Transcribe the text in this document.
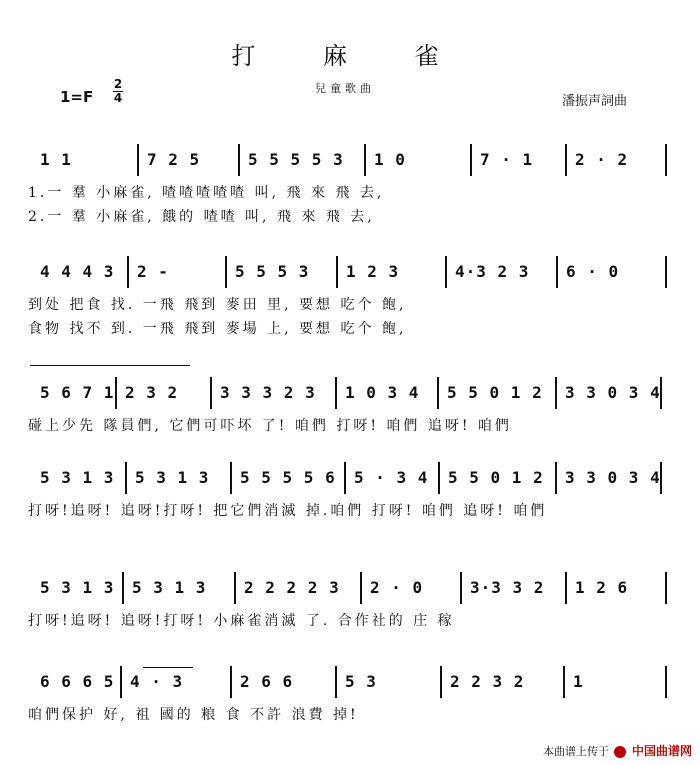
打 麻 雀
兒童歌曲
潘振声詞曲
1=F
2
4
1 1	7 2 5	5 5 5 5 3 1 0	7 · 1	2 · 2
1.一 羣 小麻雀, 喳喳喳喳喳 叫, 飛 來 飛 去,
2.一 羣 小麻雀, 餓的 喳喳 叫, 飛 來 飛 去,
4 4 4 3 2 -	5 5 5 3 1 2 3	4·3 2 3 6 · 0
到处 把食 找. 一飛 飛到 麥田 里, 要想 吃个 飽,
食物 找不 到. 一飛 飛到 麥場 上, 要想 吃个 飽,
5 6 7 1 2 3 2	3 3 3 2 3 1 0 3 4 5 5 0 1 2 3 3 0 3 4
碰上少先 隊員們, 它們可吓坏 了! 咱們 打呀! 咱們 追呀! 咱們
5 3 1 3 5 3 1 3 5 5 5 5 6 5 · 3 4 5 5 0 1 2 3 3 0 3 4
打呀!追呀! 追呀!打呀! 把它們消滅 掉.咱們 打呀! 咱們 追呀! 咱們
5 3 1 3 5 3 1 3 2 2 2 2 3 2 · 0	3·3 3 2 1 2 6
打呀!追呀! 追呀!打呀! 小麻雀消滅 了. 合作社的 庄 稼
6 6 6 5 4 · 3	2 6 6	5 3	2 2 3 2	1
咱們保护 好, 祖 國的 粮 食 不許 浪費 掉!
本曲谱上传于 中国曲谱网
